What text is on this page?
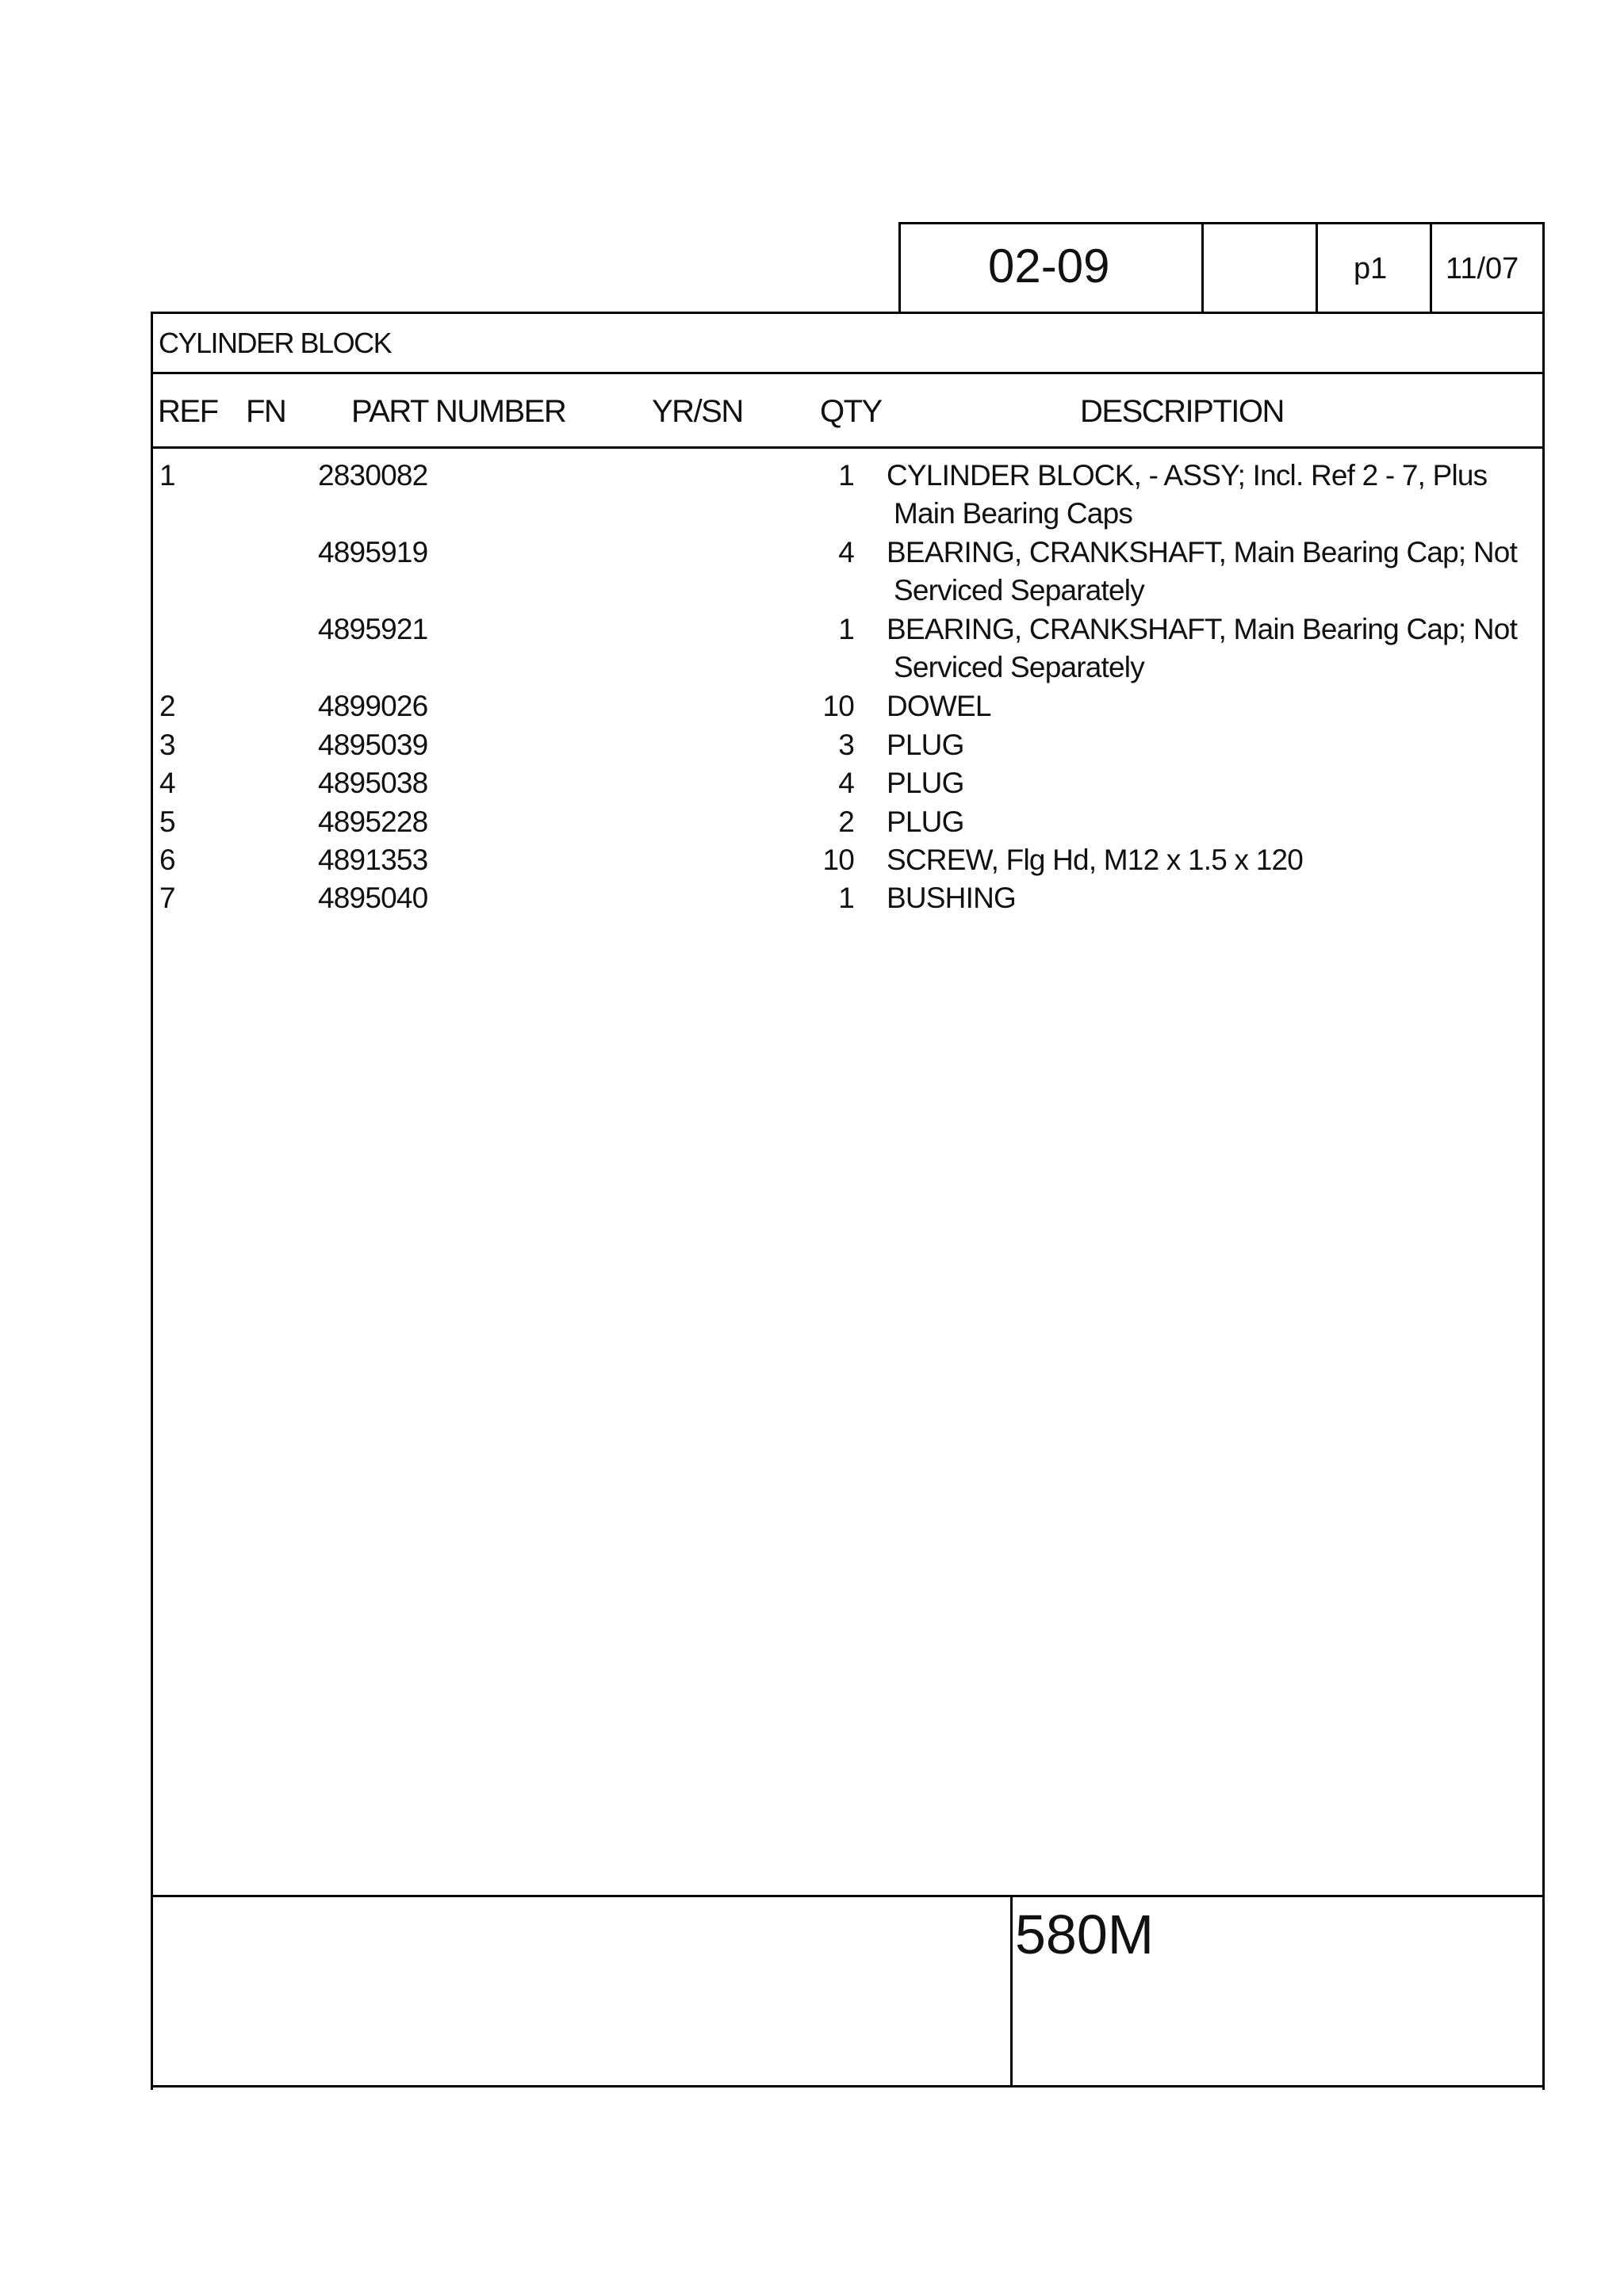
02-09	p1 11/07
CYLINDER BLOCK
REF FN PART NUMBER	YR/SN QTY	DESCRIPTION
1	2830082	1 CYLINDER BLOCK, - ASSY; Incl. Ref 2 - 7, Plus
Main Bearing Caps
4895919	4 BEARING, CRANKSHAFT, Main Bearing Cap; Not
Serviced Separately
4895921	1 BEARING, CRANKSHAFT, Main Bearing Cap; Not
Serviced Separately
2	4899026	10 DOWEL
3	4895039	3 PLUG
4	4895038	4 PLUG
5	4895228	2 PLUG
6	4891353	10 SCREW, Flg Hd, M12 x 1.5 x 120
7	4895040	1 BUSHING
580M
